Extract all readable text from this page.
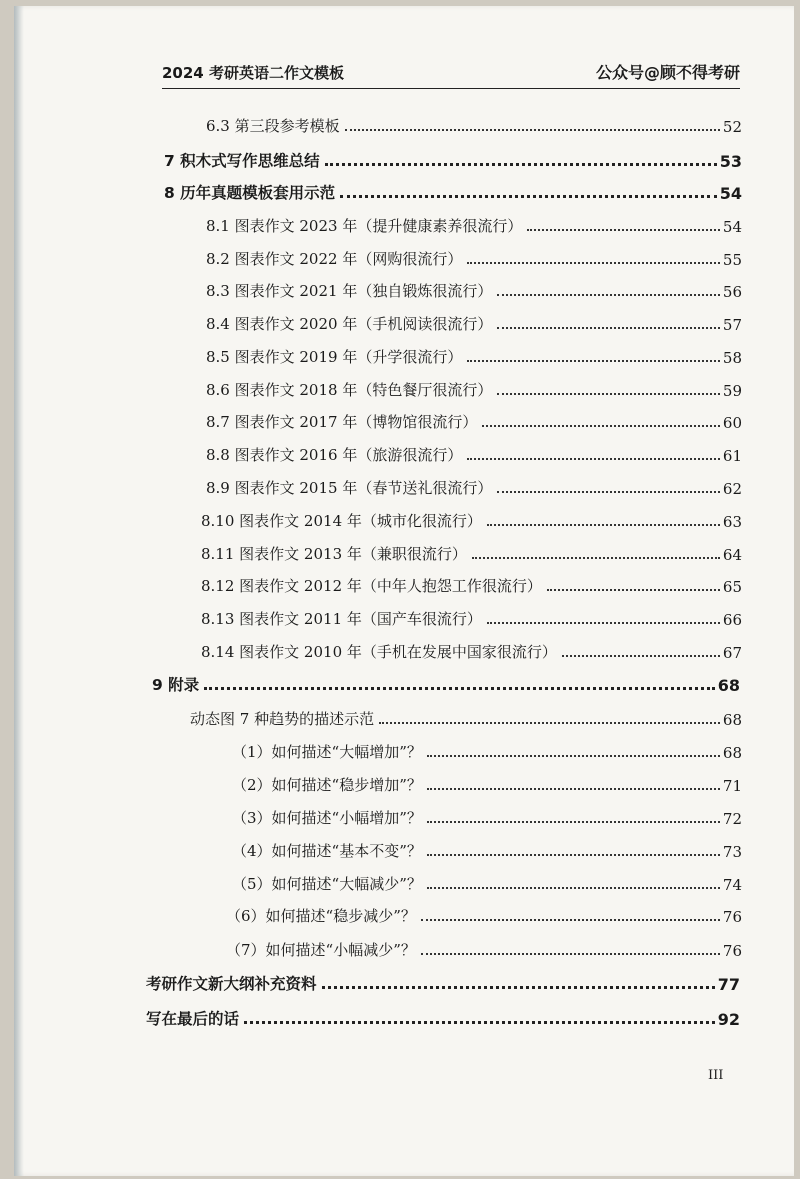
2024 考研英语二作文模板	公众号@顾不得考研
6.3 第三段参考模板	52
7 积木式写作思维总结	53
8 历年真题模板套用示范	54
8.1 图表作文 2023 年（提升健康素养很流行）	54
8.2 图表作文 2022 年（网购很流行）	55
8.3 图表作文 2021 年（独自锻炼很流行）	56
8.4 图表作文 2020 年（手机阅读很流行）	57
8.5 图表作文 2019 年（升学很流行）	58
8.6 图表作文 2018 年（特色餐厅很流行）	59
8.7 图表作文 2017 年（博物馆很流行）	60
8.8 图表作文 2016 年（旅游很流行）	61
8.9 图表作文 2015 年（春节送礼很流行）	62
8.10 图表作文 2014 年（城市化很流行）	63
8.11 图表作文 2013 年（兼职很流行）	64
8.12 图表作文 2012 年（中年人抱怨工作很流行）	65
8.13 图表作文 2011 年（国产车很流行）	66
8.14 图表作文 2010 年（手机在发展中国家很流行）	67
9 附录	68
动态图 7 种趋势的描述示范	68
（1）如何描述“大幅增加”？	68
（2）如何描述“稳步增加”？	71
（3）如何描述“小幅增加”？	72
（4）如何描述“基本不变”？	73
（5）如何描述“大幅减少”？	74
（6）如何描述“稳步减少”？	76
（7）如何描述“小幅减少”？	76
考研作文新大纲补充资料	77
写在最后的话	92
III
